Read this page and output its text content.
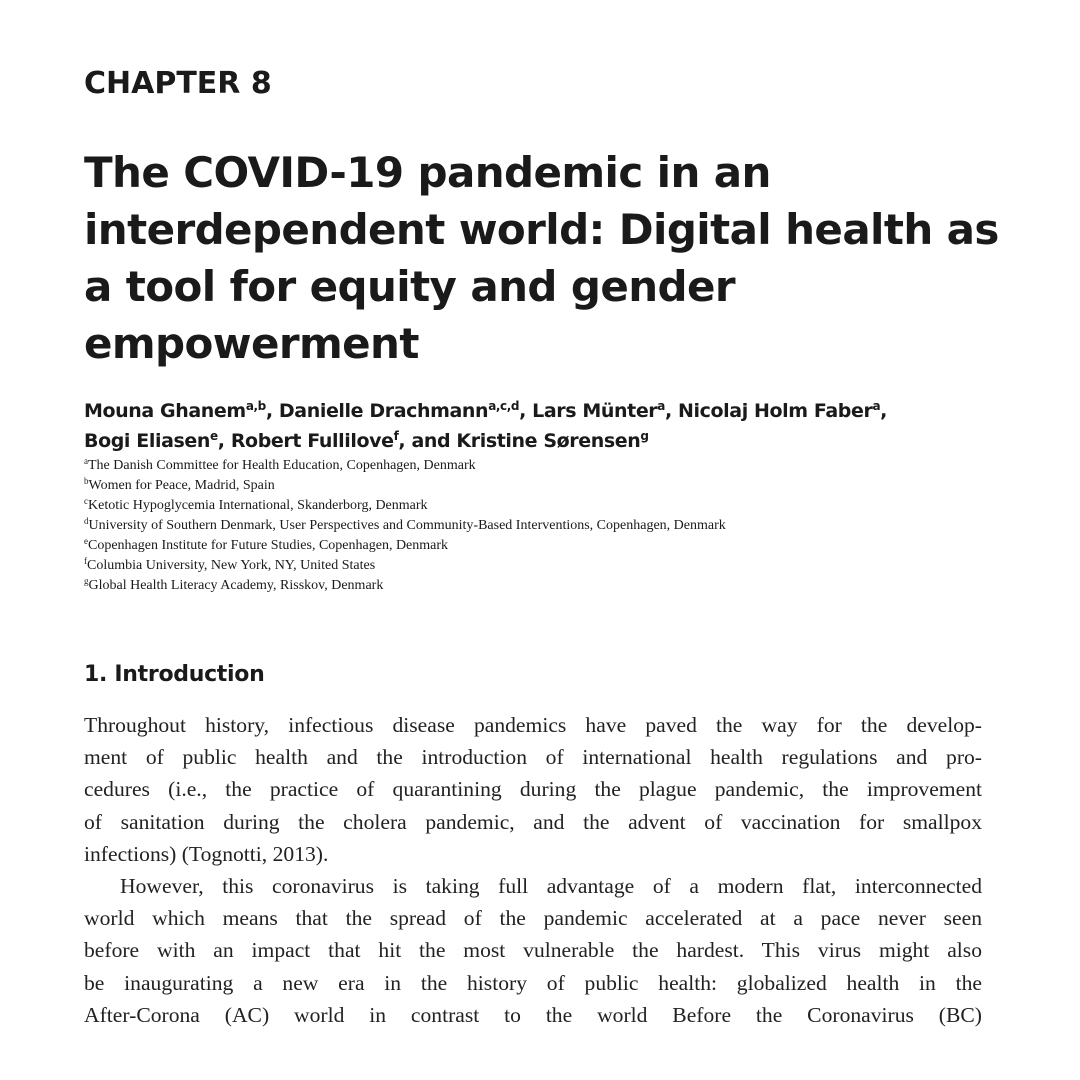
CHAPTER 8
The COVID-19 pandemic in an
interdependent world: Digital health as
a tool for equity and gender
empowerment
Mouna Ghanem$^{a,b}$, Danielle Drachmann$^{a,c,d}$, Lars Münter$^a$, Nicolaj Holm Faber$^a$,
Bogi Eliasen$^e$, Robert Fullilove$^f$, and Kristine Sørensen$^g$
$^a$The Danish Committee for Health Education, Copenhagen, Denmark
$^b$Women for Peace, Madrid, Spain
$^c$Ketotic Hypoglycemia International, Skanderborg, Denmark
$^d$University of Southern Denmark, User Perspectives and Community-Based Interventions, Copenhagen, Denmark
$^e$Copenhagen Institute for Future Studies, Copenhagen, Denmark
$^f$Columbia University, New York, NY, United States
$^g$Global Health Literacy Academy, Risskov, Denmark
1. Introduction
Throughout history, infectious disease pandemics have paved the way for the develop-
ment of public health and the introduction of international health regulations and pro-
cedures (i.e., the practice of quarantining during the plague pandemic, the improvement
of sanitation during the cholera pandemic, and the advent of vaccination for smallpox
infections) (Tognotti, 2013).
However, this coronavirus is taking full advantage of a modern flat, interconnected
world which means that the spread of the pandemic accelerated at a pace never seen
before with an impact that hit the most vulnerable the hardest. This virus might also
be inaugurating a new era in the history of public health: globalized health in the
After-Corona (AC) world in contrast to the world Before the Coronavirus (BC)
